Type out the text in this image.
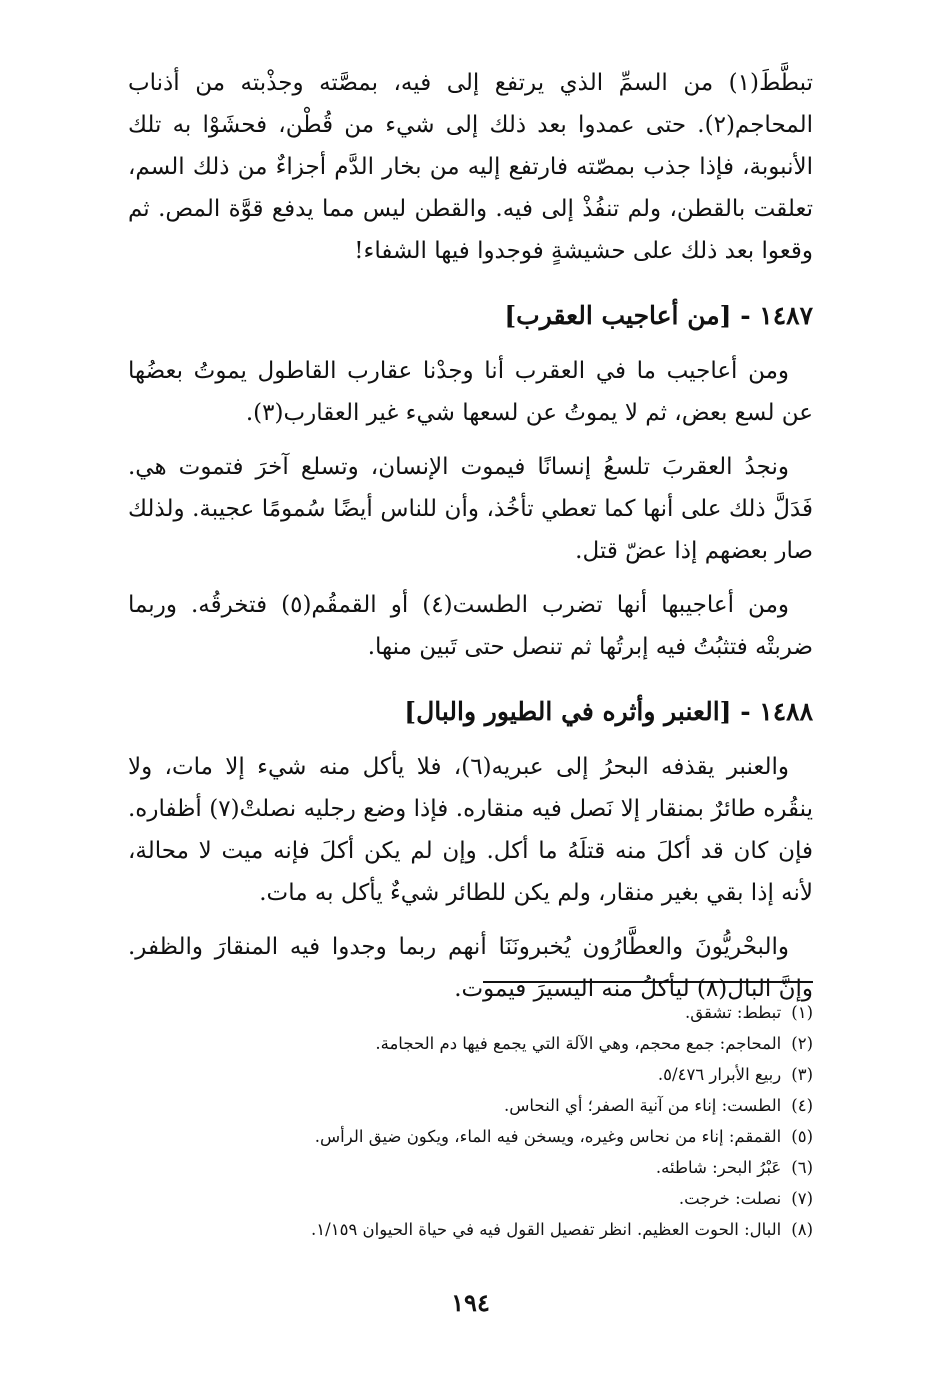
تبطَّطَ(١) من السمِّ الذي يرتفع إلى فيه، بمصَّته وجذْبته من أذناب المحاجم(٢). حتى عمدوا بعد ذلك إلى شيء من قُطْن، فحشَوْا به تلك الأنبوبة، فإذا جذب بمصّته فارتفع إليه من بخار الدَّم أجزاءٌ من ذلك السم، تعلقت بالقطن، ولم تنفُذْ إلى فيه. والقطن ليس مما يدفع قوَّة المص. ثم وقعوا بعد ذلك على حشيشةٍ فوجدوا فيها الشفاء!

١٤٨٧ - [من أعاجيب العقرب]

ومن أعاجيب ما في العقرب أنا وجدْنا عقارب القاطول يموتُ بعضُها عن لسع بعض، ثم لا يموتُ عن لسعها شيء غير العقارب(٣).

ونجدُ العقربَ تلسعُ إنسانًا فيموت الإنسان، وتسلع آخرَ فتموت هي. فَدَلَّ ذلك على أنها كما تعطي تأخُذ، وأن للناس أيضًا سُمومًا عجيبة. ولذلك صار بعضهم إذا عضّ قتل.

ومن أعاجيبها أنها تضرب الطست(٤) أو القمقُم(٥) فتخرقُه. وربما ضربتْه فتثبُتُ فيه إبرتُها ثم تنصل حتى تَبين منها.

١٤٨٨ - [العنبر وأثره في الطيور والبال]

والعنبر يقذفه البحرُ إلى عبريه(٦)، فلا يأكل منه شيء إلا مات، ولا ينقُره طائرٌ بمنقار إلا نَصل فيه منقاره. فإذا وضع رجليه نصلتْ(٧) أظفاره. فإن كان قد أكلَ منه قتلَهُ ما أكل. وإن لم يكن أكلَ فإنه ميت لا محالة، لأنه إذا بقي بغير منقار، ولم يكن للطائر شيءٌ يأكل به مات.

والبحْريُّونَ والعطَّارُون يُخبرونَنَا أنهم ربما وجدوا فيه المنقارَ والظفر. وإنَّ البال(٨) ليأكلُ منه اليسيرَ فيموت.

(١)تبطط: تشقق.
(٢)المحاجم: جمع محجم، وهي الآلة التي يجمع فيها دم الحجامة.
(٣)ربيع الأبرار ٥/٤٧٦.
(٤)الطست: إناء من آنية الصفر؛ أي النحاس.
(٥)القمقم: إناء من نحاس وغيره، ويسخن فيه الماء، ويكون ضيق الرأس.
(٦)عَبْرُ البحر: شاطئه.
(٧)نصلت: خرجت.
(٨)البال: الحوت العظيم. انظر تفصيل القول فيه في حياة الحيوان ١/١٥٩.
١٩٤
